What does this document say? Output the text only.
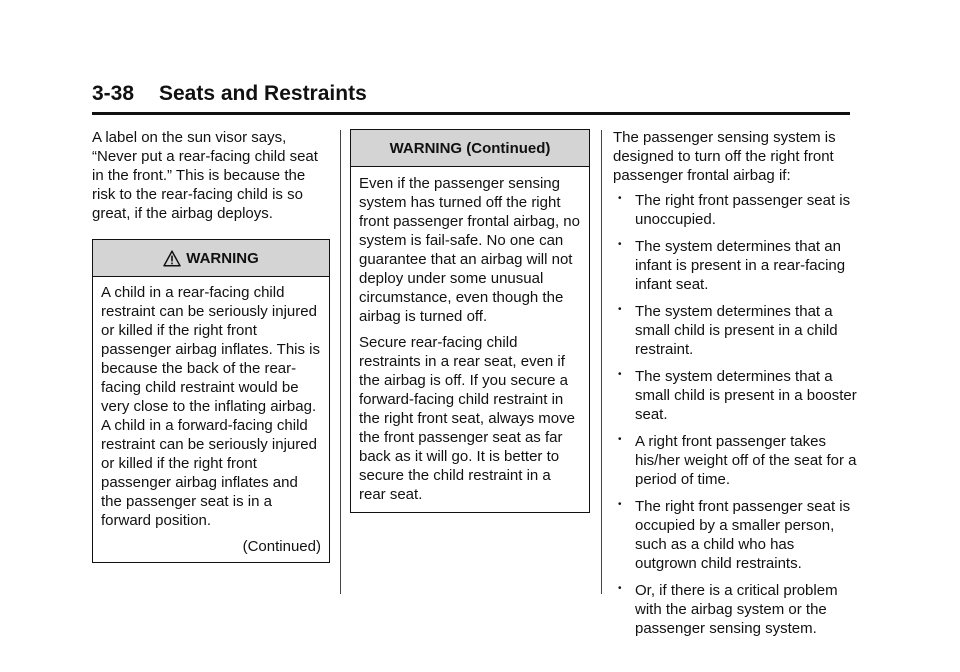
3-38 Seats and Restraints

A label on the sun visor says, “Never put a rear-facing child seat in the front.” This is because the risk to the rear-facing child is so great, if the airbag deploys.

WARNING

A child in a rear-facing child restraint can be seriously injured or killed if the right front passenger airbag inflates. This is because the back of the rear-facing child restraint would be very close to the inflating airbag. A child in a forward-facing child restraint can be seriously injured or killed if the right front passenger airbag inflates and the passenger seat is in a forward position.

(Continued)
WARNING (Continued)

Even if the passenger sensing system has turned off the right front passenger frontal airbag, no system is fail-safe. No one can guarantee that an airbag will not deploy under some unusual circumstance, even though the airbag is turned off.

Secure rear-facing child restraints in a rear seat, even if the airbag is off. If you secure a forward-facing child restraint in the right front seat, always move the front passenger seat as far back as it will go. It is better to secure the child restraint in a rear seat.

The passenger sensing system is designed to turn off the right front passenger frontal airbag if:

• The right front passenger seat is unoccupied.
• The system determines that an infant is present in a rear-facing infant seat.
• The system determines that a small child is present in a child restraint.
• The system determines that a small child is present in a booster seat.
• A right front passenger takes his/her weight off of the seat for a period of time.
• The right front passenger seat is occupied by a smaller person, such as a child who has outgrown child restraints.
• Or, if there is a critical problem with the airbag system or the passenger sensing system.
